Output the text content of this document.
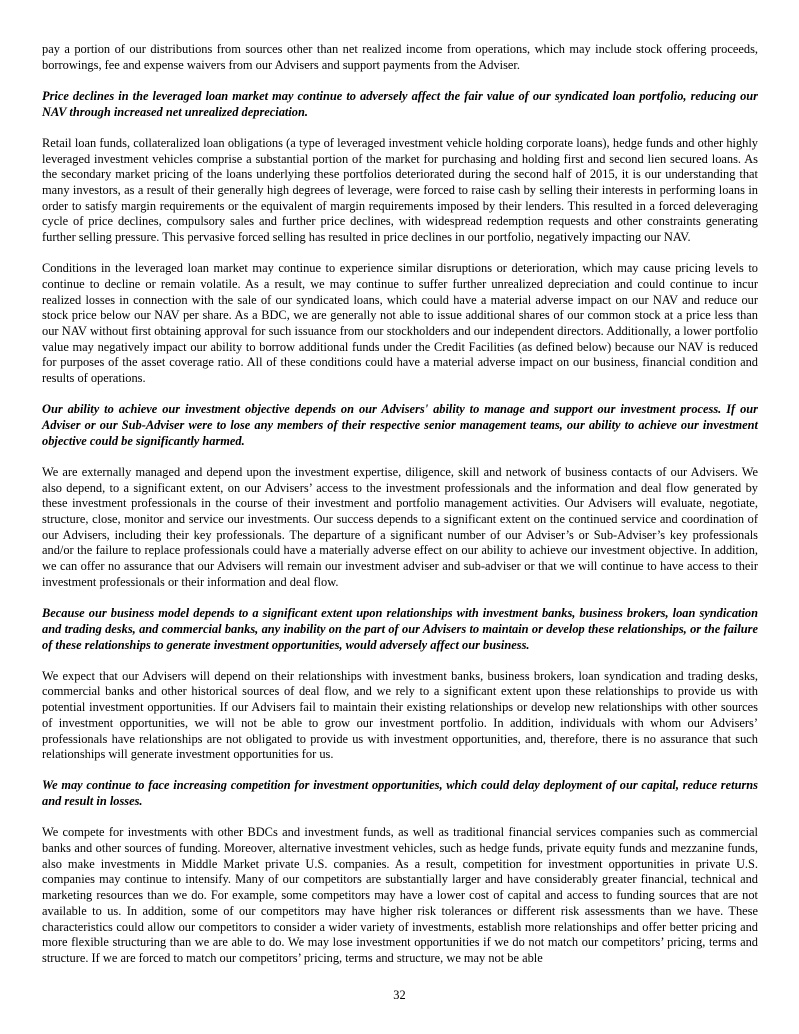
pay a portion of our distributions from sources other than net realized income from operations, which may include stock offering proceeds, borrowings, fee and expense waivers from our Advisers and support payments from the Adviser.

Price declines in the leveraged loan market may continue to adversely affect the fair value of our syndicated loan portfolio, reducing our NAV through increased net unrealized depreciation.

Retail loan funds, collateralized loan obligations (a type of leveraged investment vehicle holding corporate loans), hedge funds and other highly leveraged investment vehicles comprise a substantial portion of the market for purchasing and holding first and second lien secured loans. As the secondary market pricing of the loans underlying these portfolios deteriorated during the second half of 2015, it is our understanding that many investors, as a result of their generally high degrees of leverage, were forced to raise cash by selling their interests in performing loans in order to satisfy margin requirements or the equivalent of margin requirements imposed by their lenders. This resulted in a forced deleveraging cycle of price declines, compulsory sales and further price declines, with widespread redemption requests and other constraints generating further selling pressure. This pervasive forced selling has resulted in price declines in our portfolio, negatively impacting our NAV.

Conditions in the leveraged loan market may continue to experience similar disruptions or deterioration, which may cause pricing levels to continue to decline or remain volatile. As a result, we may continue to suffer further unrealized depreciation and could continue to incur realized losses in connection with the sale of our syndicated loans, which could have a material adverse impact on our NAV and reduce our stock price below our NAV per share. As a BDC, we are generally not able to issue additional shares of our common stock at a price less than our NAV without first obtaining approval for such issuance from our stockholders and our independent directors. Additionally, a lower portfolio value may negatively impact our ability to borrow additional funds under the Credit Facilities (as defined below) because our NAV is reduced for purposes of the asset coverage ratio. All of these conditions could have a material adverse impact on our business, financial condition and results of operations.

Our ability to achieve our investment objective depends on our Advisers' ability to manage and support our investment process. If our Adviser or our Sub-Adviser were to lose any members of their respective senior management teams, our ability to achieve our investment objective could be significantly harmed.

We are externally managed and depend upon the investment expertise, diligence, skill and network of business contacts of our Advisers. We also depend, to a significant extent, on our Advisers’ access to the investment professionals and the information and deal flow generated by these investment professionals in the course of their investment and portfolio management activities. Our Advisers will evaluate, negotiate, structure, close, monitor and service our investments. Our success depends to a significant extent on the continued service and coordination of our Advisers, including their key professionals. The departure of a significant number of our Adviser’s or Sub-Adviser’s key professionals and/or the failure to replace professionals could have a materially adverse effect on our ability to achieve our investment objective. In addition, we can offer no assurance that our Advisers will remain our investment adviser and sub-adviser or that we will continue to have access to their investment professionals or their information and deal flow.

Because our business model depends to a significant extent upon relationships with investment banks, business brokers, loan syndication and trading desks, and commercial banks, any inability on the part of our Advisers to maintain or develop these relationships, or the failure of these relationships to generate investment opportunities, would adversely affect our business.

We expect that our Advisers will depend on their relationships with investment banks, business brokers, loan syndication and trading desks, commercial banks and other historical sources of deal flow, and we rely to a significant extent upon these relationships to provide us with potential investment opportunities. If our Advisers fail to maintain their existing relationships or develop new relationships with other sources of investment opportunities, we will not be able to grow our investment portfolio. In addition, individuals with whom our Advisers’ professionals have relationships are not obligated to provide us with investment opportunities, and, therefore, there is no assurance that such relationships will generate investment opportunities for us.

We may continue to face increasing competition for investment opportunities, which could delay deployment of our capital, reduce returns and result in losses.

We compete for investments with other BDCs and investment funds, as well as traditional financial services companies such as commercial banks and other sources of funding. Moreover, alternative investment vehicles, such as hedge funds, private equity funds and mezzanine funds, also make investments in Middle Market private U.S. companies. As a result, competition for investment opportunities in private U.S. companies may continue to intensify. Many of our competitors are substantially larger and have considerably greater financial, technical and marketing resources than we do. For example, some competitors may have a lower cost of capital and access to funding sources that are not available to us. In addition, some of our competitors may have higher risk tolerances or different risk assessments than we have. These characteristics could allow our competitors to consider a wider variety of investments, establish more relationships and offer better pricing and more flexible structuring than we are able to do. We may lose investment opportunities if we do not match our competitors’ pricing, terms and structure. If we are forced to match our competitors’ pricing, terms and structure, we may not be able

32
